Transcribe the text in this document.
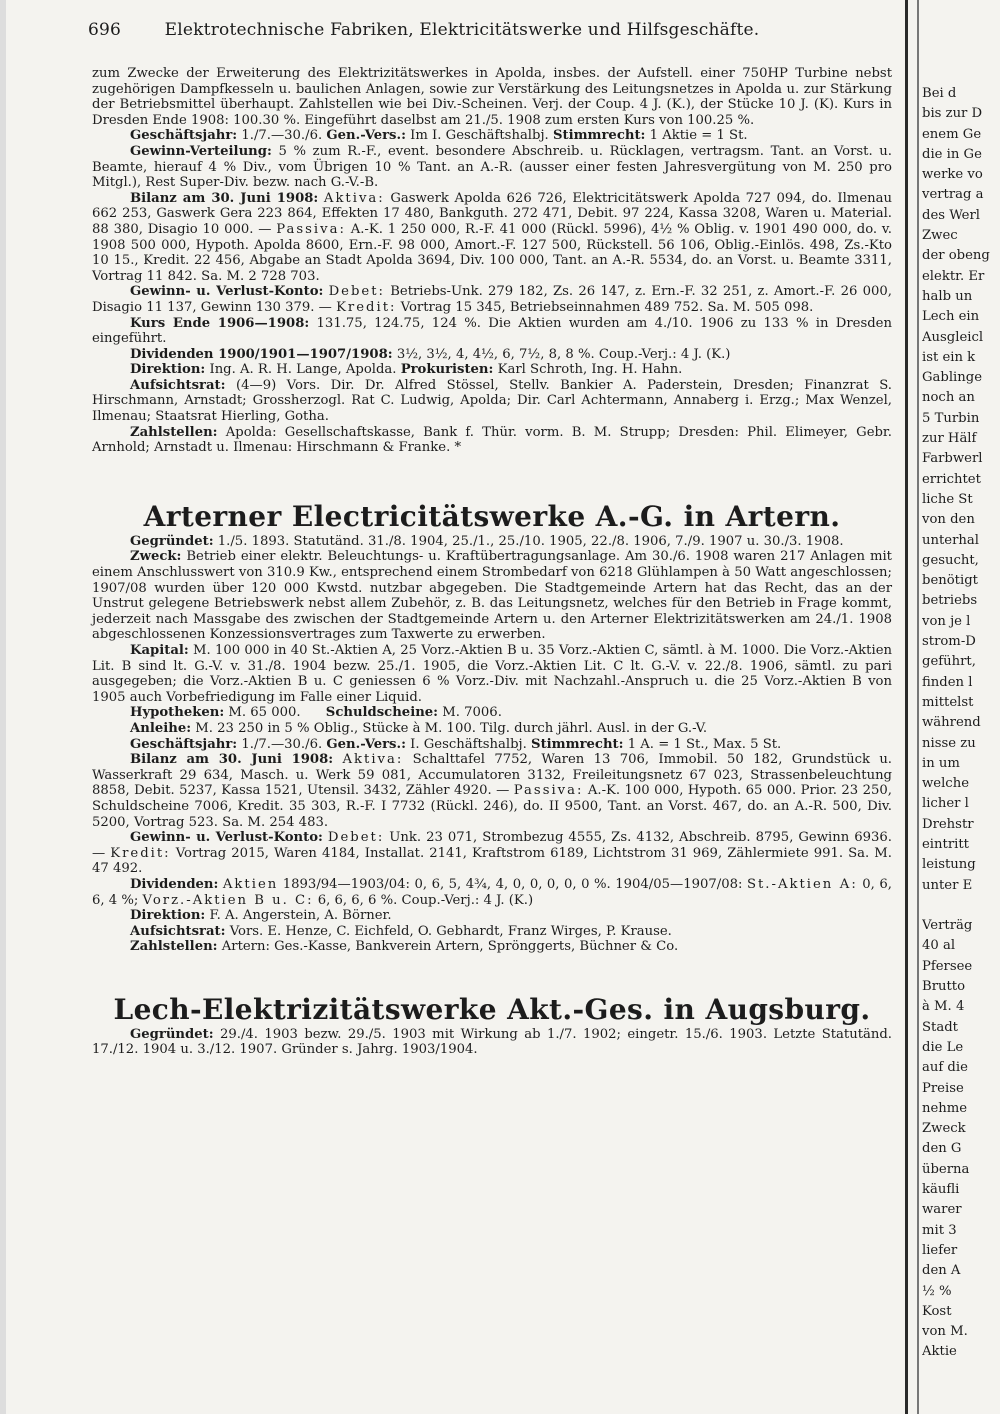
696	Elektrotechnische Fabriken, Elektricitätswerke und Hilfsgeschäfte.

zum Zwecke der Erweiterung des Elektrizitätswerkes in Apolda, insbes. der Aufstell. einer 750HP Turbine nebst zugehörigen Dampfkesseln u. baulichen Anlagen, sowie zur Verstärkung des Leitungsnetzes in Apolda u. zur Stärkung der Betriebsmittel überhaupt. Zahlstellen wie bei Div.-Scheinen. Verj. der Coup. 4 J. (K.), der Stücke 10 J. (K). Kurs in Dresden Ende 1908: 100.30 %. Eingeführt daselbst am 21./5. 1908 zum ersten Kurs von 100.25 %.

Geschäftsjahr: 1./7.—30./6. Gen.-Vers.: Im I. Geschäftshalbj. Stimmrecht: 1 Aktie = 1 St.

Gewinn-Verteilung: 5 % zum R.-F., event. besondere Abschreib. u. Rücklagen, vertragsm. Tant. an Vorst. u. Beamte, hierauf 4 % Div., vom Übrigen 10 % Tant. an A.-R. (ausser einer festen Jahresvergütung von M. 250 pro Mitgl.), Rest Super-Div. bezw. nach G.-V.-B.

Bilanz am 30. Juni 1908: Aktiva: Gaswerk Apolda 626 726, Elektricitätswerk Apolda 727 094, do. Ilmenau 662 253, Gaswerk Gera 223 864, Effekten 17 480, Bankguth. 272 471, Debit. 97 224, Kassa 3208, Waren u. Material. 88 380, Disagio 10 000. — Passiva: A.-K. 1 250 000, R.-F. 41 000 (Rückl. 5996), 4½ % Oblig. v. 1901 490 000, do. v. 1908 500 000, Hypoth. Apolda 8600, Ern.-F. 98 000, Amort.-F. 127 500, Rückstell. 56 106, Oblig.-Einlös. 498, Zs.-Kto 10 15., Kredit. 22 456, Abgabe an Stadt Apolda 3694, Div. 100 000, Tant. an A.-R. 5534, do. an Vorst. u. Beamte 3311, Vortrag 11 842. Sa. M. 2 728 703.

Gewinn- u. Verlust-Konto: Debet: Betriebs-Unk. 279 182, Zs. 26 147, z. Ern.-F. 32 251, z. Amort.-F. 26 000, Disagio 11 137, Gewinn 130 379. — Kredit: Vortrag 15 345, Betriebseinnahmen 489 752. Sa. M. 505 098.

Kurs Ende 1906—1908: 131.75, 124.75, 124 %. Die Aktien wurden am 4./10. 1906 zu 133 % in Dresden eingeführt.

Dividenden 1900/1901—1907/1908: 3½, 3½, 4, 4½, 6, 7½, 8, 8 %. Coup.-Verj.: 4 J. (K.)

Direktion: Ing. A. R. H. Lange, Apolda. Prokuristen: Karl Schroth, Ing. H. Hahn.

Aufsichtsrat: (4—9) Vors. Dir. Dr. Alfred Stössel, Stellv. Bankier A. Paderstein, Dresden; Finanzrat S. Hirschmann, Arnstadt; Grossherzogl. Rat C. Ludwig, Apolda; Dir. Carl Achtermann, Annaberg i. Erzg.; Max Wenzel, Ilmenau; Staatsrat Hierling, Gotha.

Zahlstellen: Apolda: Gesellschaftskasse, Bank f. Thür. vorm. B. M. Strupp; Dresden: Phil. Elimeyer, Gebr. Arnhold; Arnstadt u. Ilmenau: Hirschmann & Franke. *

Arterner Electricitätswerke A.-G. in Artern.

Gegründet: 1./5. 1893. Statutänd. 31./8. 1904, 25./1., 25./10. 1905, 22./8. 1906, 7./9. 1907 u. 30./3. 1908.

Zweck: Betrieb einer elektr. Beleuchtungs- u. Kraftübertragungsanlage. Am 30./6. 1908 waren 217 Anlagen mit einem Anschlusswert von 310.9 Kw., entsprechend einem Strombedarf von 6218 Glühlampen à 50 Watt angeschlossen; 1907/08 wurden über 120 000 Kwstd. nutzbar abgegeben. Die Stadtgemeinde Artern hat das Recht, das an der Unstrut gelegene Betriebswerk nebst allem Zubehör, z. B. das Leitungsnetz, welches für den Betrieb in Frage kommt, jederzeit nach Massgabe des zwischen der Stadtgemeinde Artern u. den Arterner Elektrizitätswerken am 24./1. 1908 abgeschlossenen Konzessionsvertrages zum Taxwerte zu erwerben.

Kapital: M. 100 000 in 40 St.-Aktien A, 25 Vorz.-Aktien B u. 35 Vorz.-Aktien C, sämtl. à M. 1000. Die Vorz.-Aktien Lit. B sind lt. G.-V. v. 31./8. 1904 bezw. 25./1. 1905, die Vorz.-Aktien Lit. C lt. G.-V. v. 22./8. 1906, sämtl. zu pari ausgegeben; die Vorz.-Aktien B u. C geniessen 6 % Vorz.-Div. mit Nachzahl.-Anspruch u. die 25 Vorz.-Aktien B von 1905 auch Vorbefriedigung im Falle einer Liquid.

Hypotheken: M. 65 000. Schuldscheine: M. 7006.

Anleihe: M. 23 250 in 5 % Oblig., Stücke à M. 100. Tilg. durch jährl. Ausl. in der G.-V.

Geschäftsjahr: 1./7.—30./6. Gen.-Vers.: I. Geschäftshalbj. Stimmrecht: 1 A. = 1 St., Max. 5 St.

Bilanz am 30. Juni 1908: Aktiva: Schalttafel 7752, Waren 13 706, Immobil. 50 182, Grundstück u. Wasserkraft 29 634, Masch. u. Werk 59 081, Accumulatoren 3132, Freileitungsnetz 67 023, Strassenbeleuchtung 8858, Debit. 5237, Kassa 1521, Utensil. 3432, Zähler 4920. — Passiva: A.-K. 100 000, Hypoth. 65 000. Prior. 23 250, Schuldscheine 7006, Kredit. 35 303, R.-F. I 7732 (Rückl. 246), do. II 9500, Tant. an Vorst. 467, do. an A.-R. 500, Div. 5200, Vortrag 523. Sa. M. 254 483.

Gewinn- u. Verlust-Konto: Debet: Unk. 23 071, Strombezug 4555, Zs. 4132, Abschreib. 8795, Gewinn 6936. — Kredit: Vortrag 2015, Waren 4184, Installat. 2141, Kraftstrom 6189, Lichtstrom 31 969, Zählermiete 991. Sa. M. 47 492.

Dividenden: Aktien 1893/94—1903/04: 0, 6, 5, 4¾, 4, 0, 0, 0, 0, 0 %. 1904/05—1907/08: St.-Aktien A: 0, 6, 6, 4 %; Vorz.-Aktien B u. C: 6, 6, 6, 6 %. Coup.-Verj.: 4 J. (K.)

Direktion: F. A. Angerstein, A. Börner.

Aufsichtsrat: Vors. E. Henze, C. Eichfeld, O. Gebhardt, Franz Wirges, P. Krause.

Zahlstellen: Artern: Ges.-Kasse, Bankverein Artern, Sprönggerts, Büchner & Co.

Lech-Elektrizitätswerke Akt.-Ges. in Augsburg.

Gegründet: 29./4. 1903 bezw. 29./5. 1903 mit Wirkung ab 1./7. 1902; eingetr. 15./6. 1903. Letzte Statutänd. 17./12. 1904 u. 3./12. 1907. Gründer s. Jahrg. 1903/1904.

Bei d
bis zur D
enem Ge
die in Ge
werke vo
vertrag a
des Werl
Zwec
der obeng
elektr. Er
halb un
Lech ein
Ausgleicl
ist ein k
Gablinge
noch an
5 Turbin
zur Hälf
Farbwerl
errichtet
liche St
von den
unterhal
gesucht,
benötigt
betriebs
von je l
strom-D
geführt,
finden l
mittelst
während
nisse zu
in um
welche
licher l
Drehstr
eintritt
leistung
unter E
Verträg
40 al
Pfersee
Brutto
à M. 4
Stadt
die Le
auf die
Preise
nehme
Zweck
den G
überna
käufli
warer
mit 3
liefer
den A
½ %
Kost
von M.
Aktie
